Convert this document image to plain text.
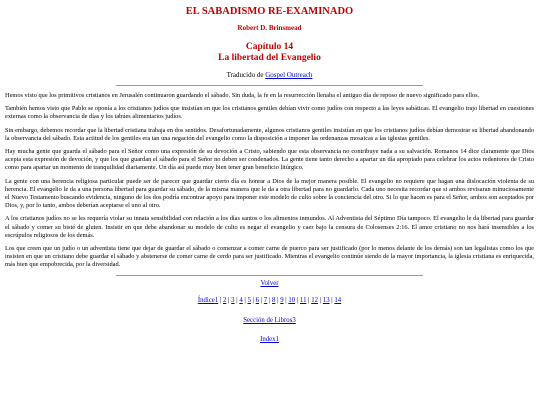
EL SABADISMO RE-EXAMINADO
Robert D. Brinsmead
Capítulo 14
La libertad del Evangelio
Traducido de Gospel Outreach

Hemos visto que los primitivos cristianos en Jerusalén continuaron guardando el sábado. Sin duda, la fe en la resurrección llenaba el antiguo día de reposo de nuevo significado para ellos.

También hemos visto que Pablo se oponía a los cristianos judíos que insistían en que los cristianos gentiles debían vivir como judíos con respecto a las leyes sabáticas. El evangelio trajo libertad en cuestiones externas como la observancia de días y los tabúes alimentarios judíos.

Sin embargo, debemos recordar que la libertad cristiana trabaja en dos sentidos. Desafortunadamente, algunos cristianos gentiles insistían en que los cristianos judíos debían demostrar su libertad abandonando la observancia del sábado. Esta actitud de los gentiles era tan una negación del evangelio como la disposición a imponer las ordenanzas mosaicas a las iglesias gentiles.

Hay mucha gente que guarda el sábado para el Señor como una expresión de su devoción a Cristo, sabiendo que esta observancia no contribuye nada a su salvación. Romanos 14 dice claramente que Dios acepta esta expresión de devoción, y que los que guardan el sábado para el Señor no deben ser condenados. La gente tiene tanto derecho a apartar un día apropiado para celebrar los actos redentores de Cristo como para apartar un momento de tranquilidad diariamente. Un día así puede muy bien tener gran beneficio litúrgico.

La gente con una herencia religiosa particular puede ser de parecer que guardar cierto día es honrar a Dios de la mejor manera posible. El evangelio no requiere que hagan una dislocación violenta de su herencia. El evangelio le da a una persona libertad para guardar su sábado, de la misma manera que le da a otra libertad para no guardarlo. Cada uno necesita recordar que si ambos revisaran minuciosamente el Nuevo Testamento buscando evidencia, ninguno de los dos podría encontrar apoyo para imponer este modelo de culto sobre la conciencia del otro. Si lo que hacen es para el Señor, ambos son aceptados por Dios, y, por lo tanto, ambos deberían aceptarse el uno al otro.

A los cristianos judíos no se les requería violar su innata sensibilidad con relación a los días santos o los alimentos inmundos. Al Adventista del Séptimo Día tampoco. El evangelio le da libertad para guardar el sábado y comer su bisté de gluten. Insistir en que debe abandonar su modelo de culto es negar el evangelio y caer bajo la censura de Colosenses 2:16. El amor cristiano no nos hará insensibles a los escrúpulos religiosos de los demás.

Los que creen que un judío o un adventista tiene que dejar de guardar el sábado o comenzar a comer carne de puerco para ser justificado (por lo menos delante de los demás) son tan legalistas como los que insisten en que un cristiano debe guardar el sábado y abstenerse de comer carne de cerdo para ser justificado. Mientras el evangelio continúe siendo de la mayor importancia, la iglesia cristiana es enriquecida, más bien que empobrecida, por la diversidad.

Volver
Índice1 | 2 | 3 | 4 | 5 | 6 | 7 | 8 | 9 | 10 | 11 | 12 | 13 | 14
Sección de Libros3
Index1
